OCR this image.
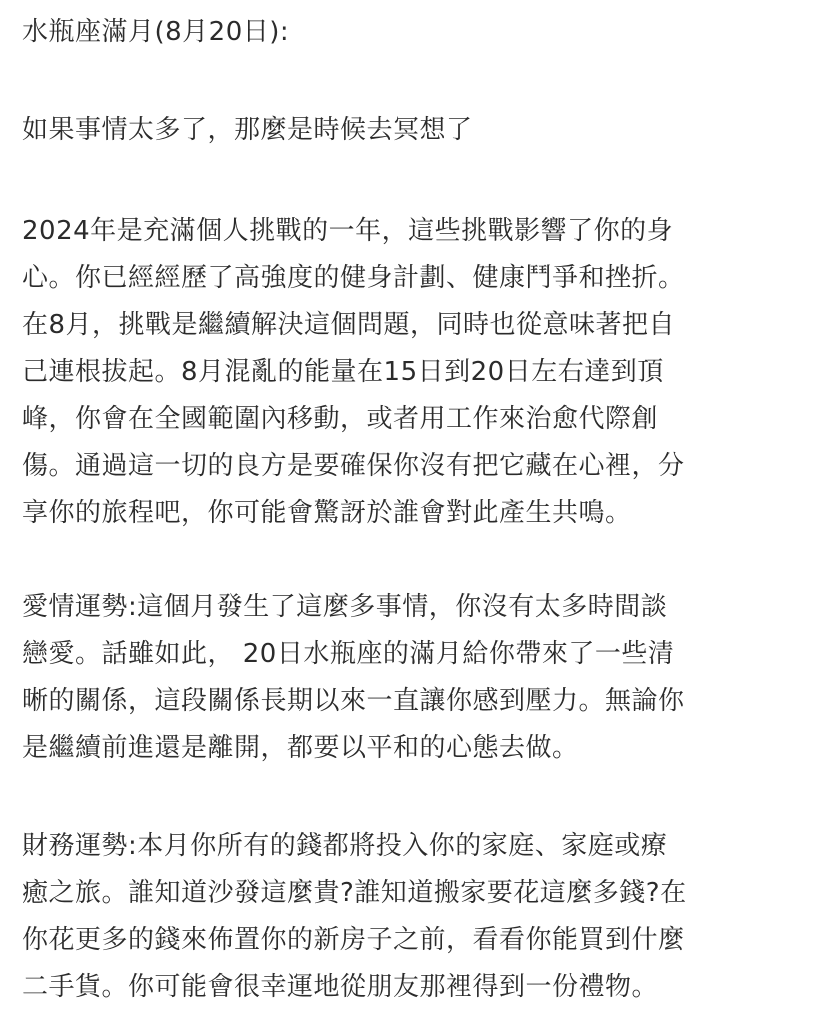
水瓶座滿月(8月20日):
如果事情太多了，那麼是時候去冥想了
2024年是充滿個人挑戰的一年，這些挑戰影響了你的身
心。你已經經歷了高強度的健身計劃、健康鬥爭和挫折。
在8月，挑戰是繼續解決這個問題，同時也從意味著把自
己連根拔起。8月混亂的能量在15日到20日左右達到頂
峰，你會在全國範圍內移動，或者用工作來治愈代際創
傷。通過這一切的良方是要確保你沒有把它藏在心裡，分
享你的旅程吧，你可能會驚訝於誰會對此產生共鳴。
愛情運勢:這個月發生了這麼多事情，你沒有太多時間談
戀愛。話雖如此， 20日水瓶座的滿月給你帶來了一些清
晰的關係，這段關係長期以來一直讓你感到壓力。無論你
是繼續前進還是離開，都要以平和的心態去做。
財務運勢:本月你所有的錢都將投入你的家庭、家庭或療
癒之旅。誰知道沙發這麼貴?誰知道搬家要花這麼多錢?在
你花更多的錢來佈置你的新房子之前，看看你能買到什麼
二手貨。你可能會很幸運地從朋友那裡得到一份禮物。
